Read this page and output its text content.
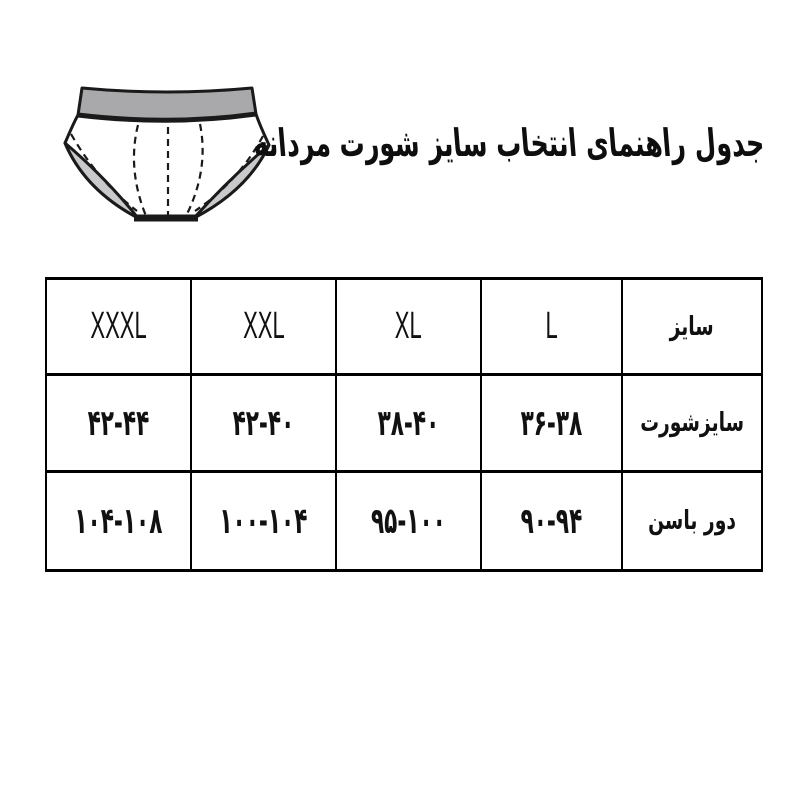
جدول راهنمای انتخاب سایز شورت مردانه
XXXL	XXL	XL	L	سایز
۴۲-۴۴ ۴۲-۴۰ ۳۸-۴۰ ۳۶-۳۸ سایزشورت
۱۰۴-۱۰۸ ۱۰۰-۱۰۴ ۹۵-۱۰۰ ۹۰-۹۴	دور باسن
